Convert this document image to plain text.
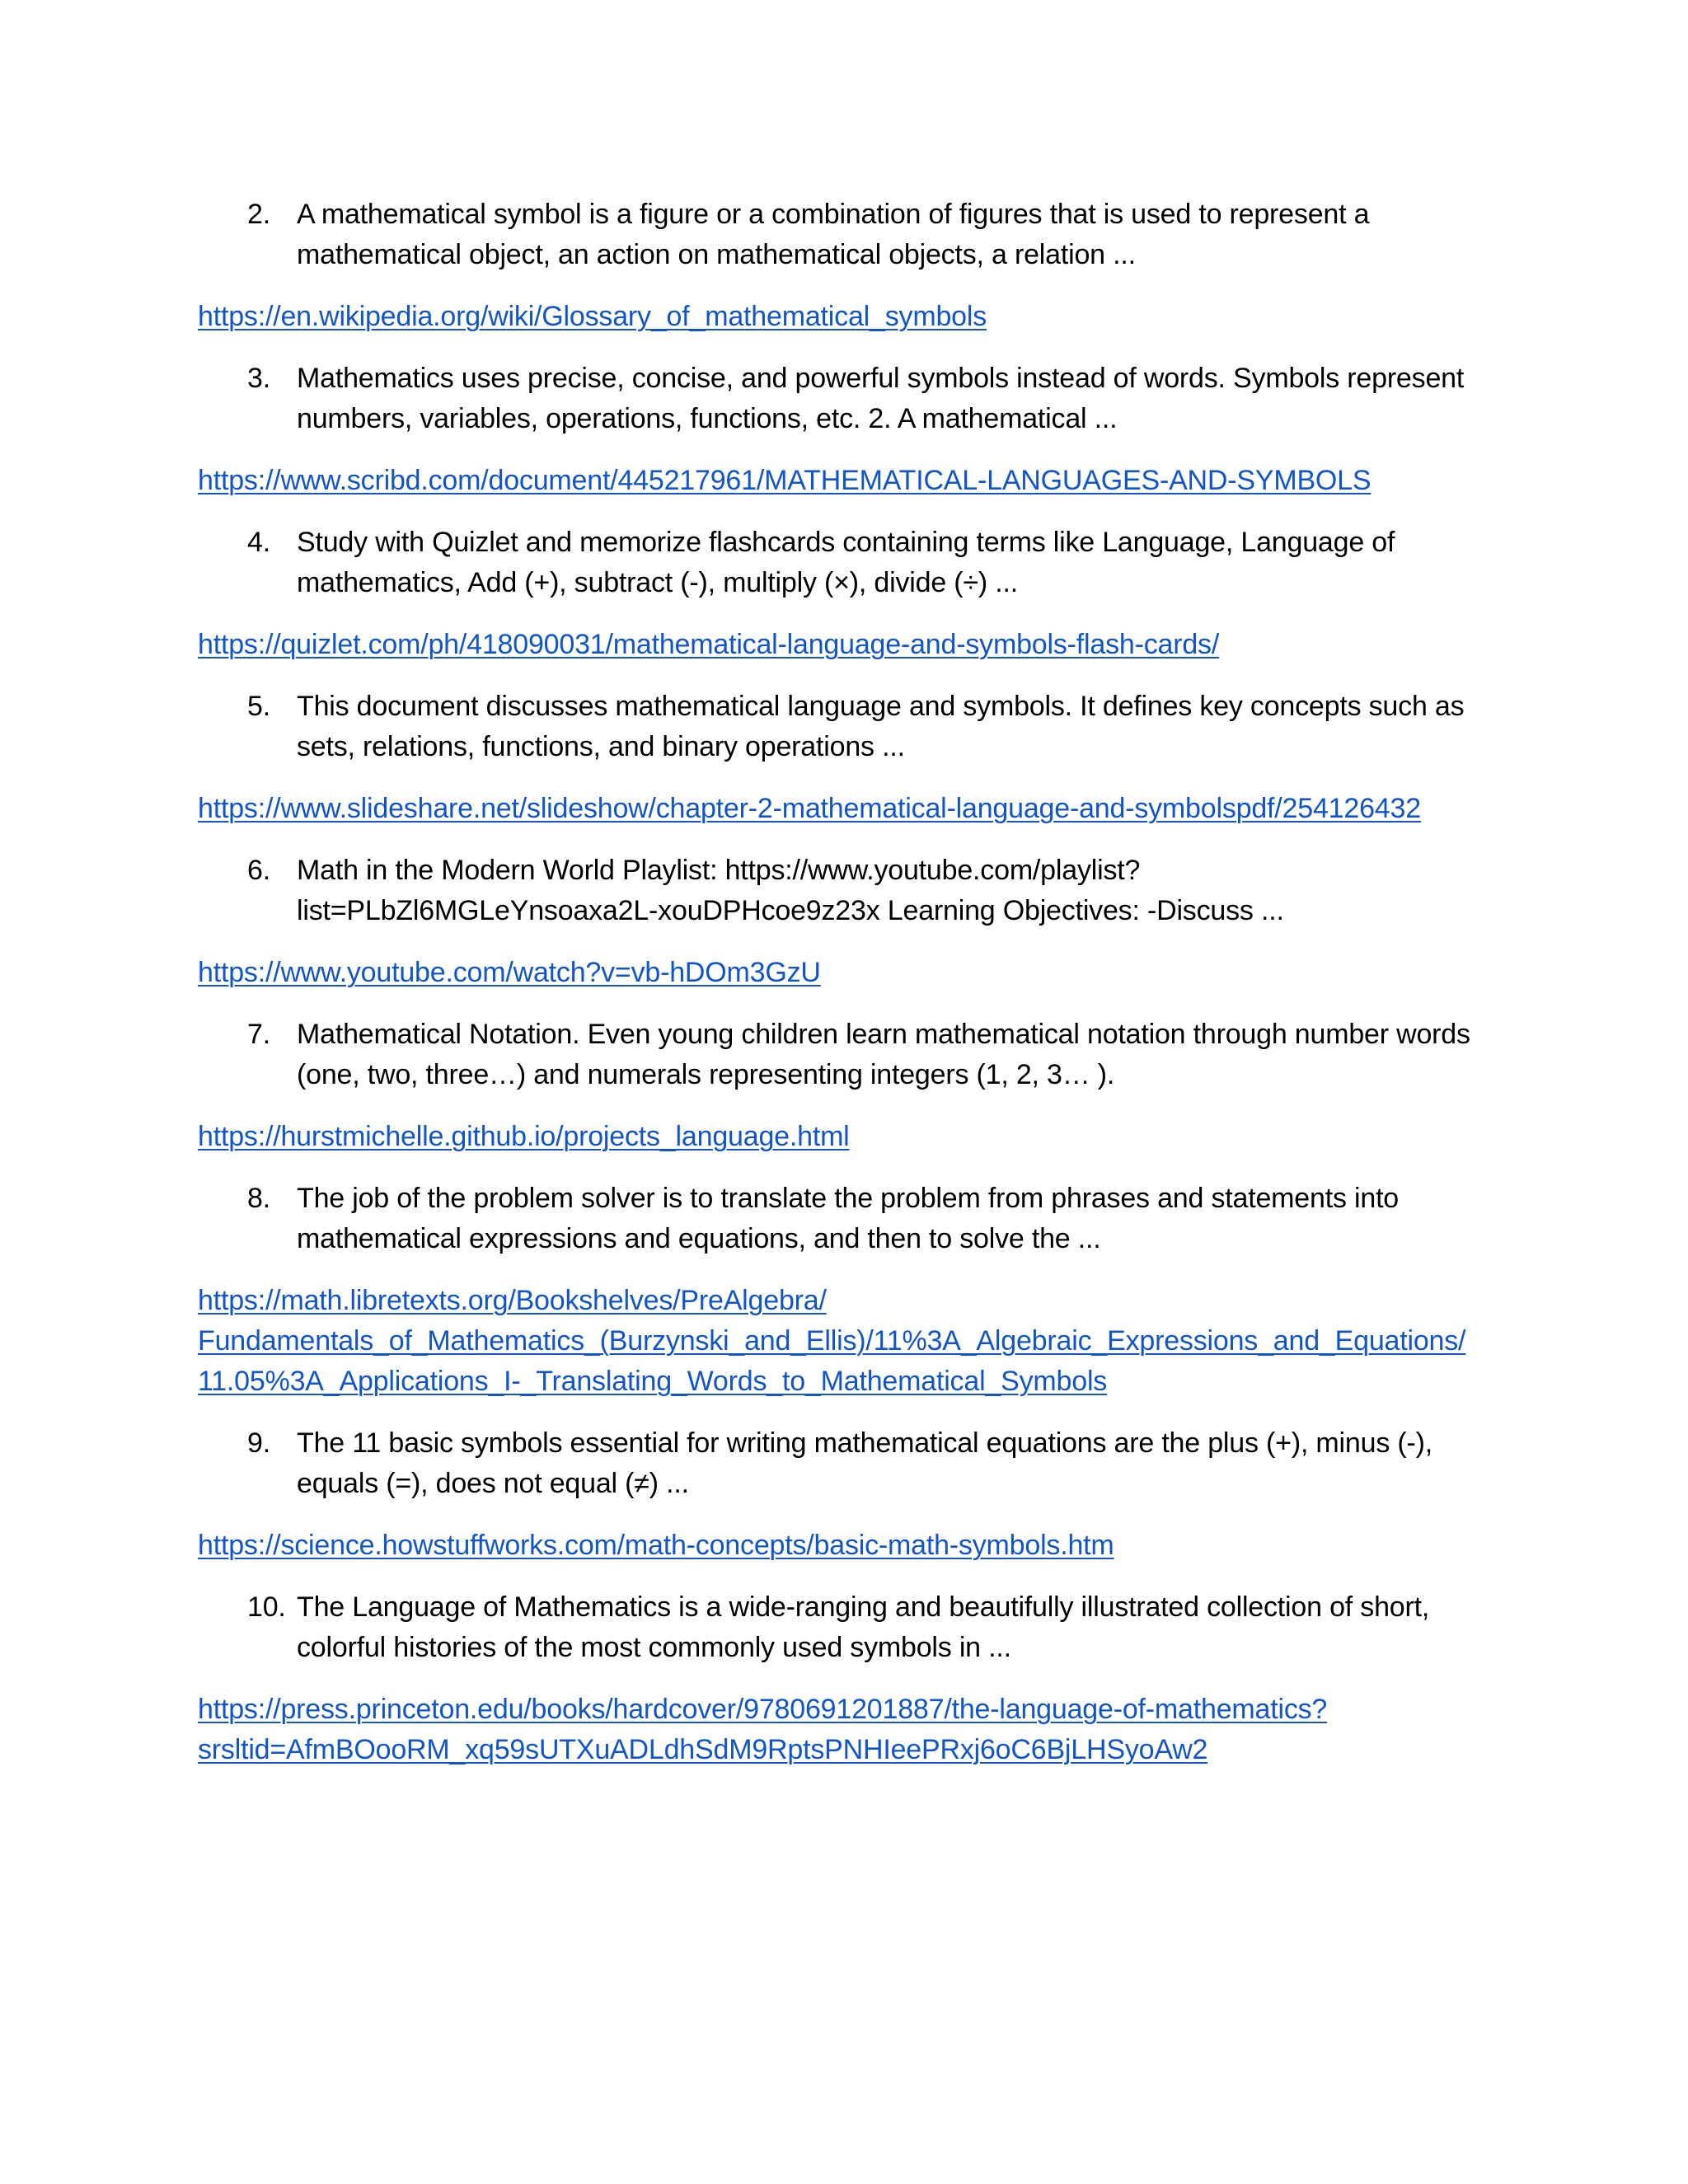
2. A mathematical symbol is a figure or a combination of figures that is used to represent a mathematical object, an action on mathematical objects, a relation ...
https://en.wikipedia.org/wiki/Glossary_of_mathematical_symbols
3. Mathematics uses precise, concise, and powerful symbols instead of words. Symbols represent numbers, variables, operations, functions, etc. 2. A mathematical ...
https://www.scribd.com/document/445217961/MATHEMATICAL-LANGUAGES-AND-SYMBOLS
4. Study with Quizlet and memorize flashcards containing terms like Language, Language of mathematics, Add (+), subtract (-), multiply (×), divide (÷) ...
https://quizlet.com/ph/418090031/mathematical-language-and-symbols-flash-cards/
5. This document discusses mathematical language and symbols. It defines key concepts such as sets, relations, functions, and binary operations ...
https://www.slideshare.net/slideshow/chapter-2-mathematical-language-and-symbolspdf/254126432
6. Math in the Modern World Playlist: https://www.youtube.com/playlist?list=PLbZl6MGLeYnsoaxa2L-xouDPHcoe9z23x Learning Objectives: -Discuss ...
https://www.youtube.com/watch?v=vb-hDOm3GzU
7. Mathematical Notation. Even young children learn mathematical notation through number words (one, two, three…) and numerals representing integers (1, 2, 3… ).
https://hurstmichelle.github.io/projects_language.html
8. The job of the problem solver is to translate the problem from phrases and statements into mathematical expressions and equations, and then to solve the ...
https://math.libretexts.org/Bookshelves/PreAlgebra/
Fundamentals_of_Mathematics_(Burzynski_and_Ellis)/11%3A_Algebraic_Expressions_and_Equations/
11.05%3A_Applications_I-_Translating_Words_to_Mathematical_Symbols
9. The 11 basic symbols essential for writing mathematical equations are the plus (+), minus (-), equals (=), does not equal (≠) ...
https://science.howstuffworks.com/math-concepts/basic-math-symbols.htm
10. The Language of Mathematics is a wide-ranging and beautifully illustrated collection of short, colorful histories of the most commonly used symbols in ...
https://press.princeton.edu/books/hardcover/9780691201887/the-language-of-mathematics?
srsltid=AfmBOooRM_xq59sUTXuADLdhSdM9RptsPNHIeePRxj6oC6BjLHSyoAw2
